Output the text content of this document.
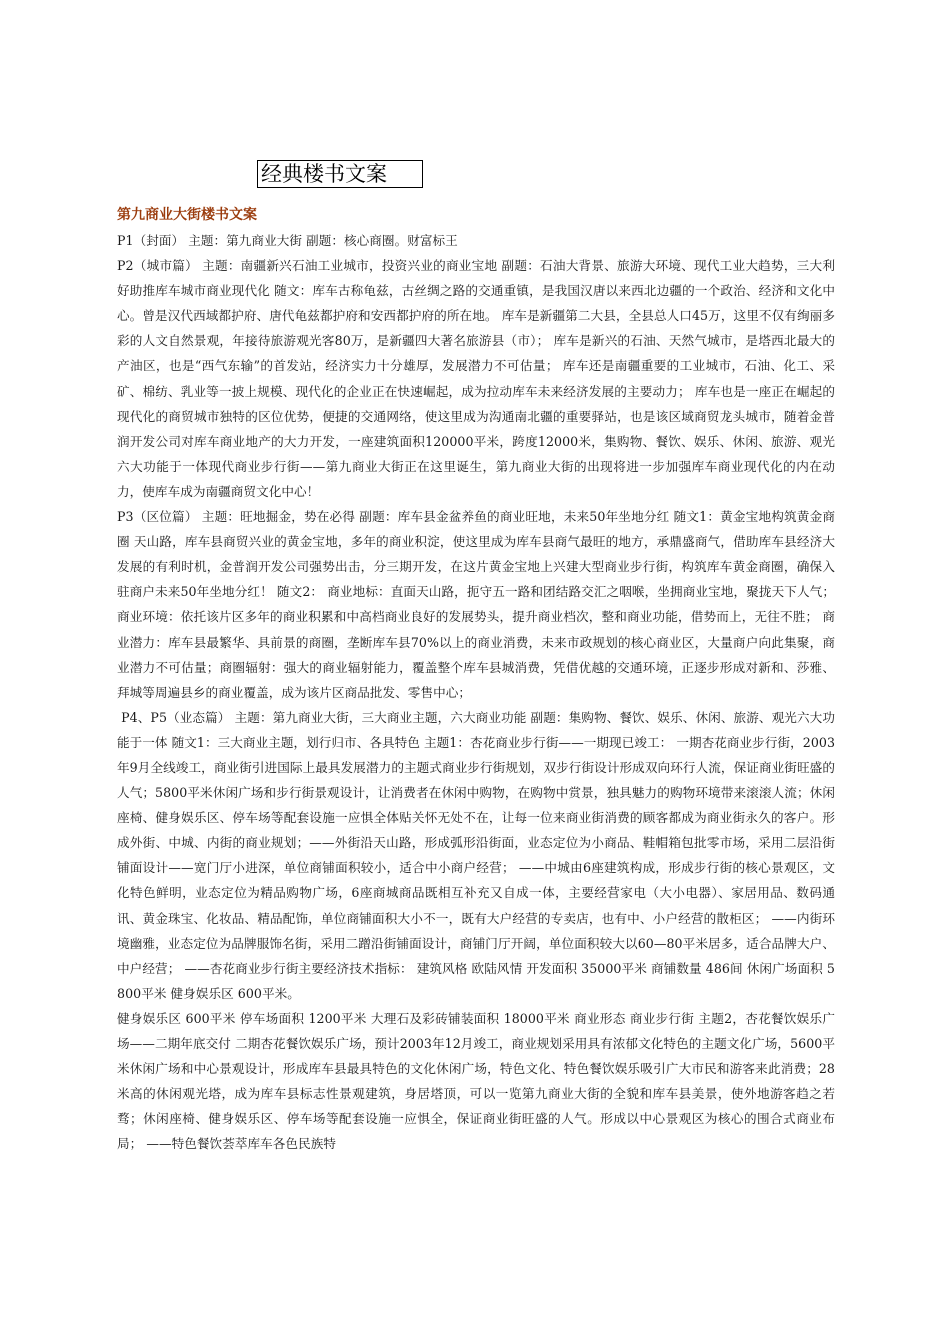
经典楼书文案
第九商业大街楼书文案

P1（封面） 主题：第九商业大街 副题：核心商圈。财富标王

P2（城市篇） 主题：南疆新兴石油工业城市，投资兴业的商业宝地 副题：石油大背景、旅游大环境、现代工业大趋势，三大利好助推库车城市商业现代化 随文：库车古称龟兹，古丝绸之路的交通重镇，是我国汉唐以来西北边疆的一个政治、经济和文化中心。曾是汉代西域都护府、唐代龟兹都护府和安西都护府的所在地。 库车是新疆第二大县，全县总人口45万，这里不仅有绚丽多彩的人文自然景观，年接待旅游观光客80万，是新疆四大著名旅游县（市）； 库车是新兴的石油、天然气城市，是塔西北最大的产油区，也是“西气东输”的首发站，经济实力十分雄厚，发展潜力不可估量； 库车还是南疆重要的工业城市，石油、化工、采矿、棉纺、乳业等一披上规模、现代化的企业正在快速崛起，成为拉动库车未来经济发展的主要动力； 库车也是一座正在崛起的现代化的商贸城市独特的区位优势，便捷的交通网络，使这里成为沟通南北疆的重要驿站，也是该区域商贸龙头城市，随着金普润开发公司对库车商业地产的大力开发，一座建筑面积120000平米，跨度12000米，集购物、餐饮、娱乐、休闲、旅游、观光六大功能于一体现代商业步行街——第九商业大街正在这里诞生，第九商业大街的出现将进一步加强库车商业现代化的内在动力，使库车成为南疆商贸文化中心！

P3（区位篇） 主题：旺地掘金，势在必得 副题：库车县金盆养鱼的商业旺地，未来50年坐地分红 随文1：黄金宝地构筑黄金商圈 天山路，库车县商贸兴业的黄金宝地，多年的商业积淀，使这里成为库车县商气最旺的地方，承鼎盛商气，借助库车县经济大发展的有利时机，金普润开发公司强势出击，分三期开发，在这片黄金宝地上兴建大型商业步行街，构筑库车黄金商圈，确保入驻商户未来50年坐地分红！ 随文2： 商业地标：直面天山路，扼守五一路和团结路交汇之咽喉，坐拥商业宝地，聚拢天下人气； 商业环境：依托该片区多年的商业积累和中高档商业良好的发展势头，提升商业档次，整和商业功能，借势而上，无往不胜； 商业潜力：库车县最繁华、具前景的商圈，垄断库车县70%以上的商业消费，未来市政规划的核心商业区，大量商户向此集聚，商业潜力不可估量；商圈辐射：强大的商业辐射能力，覆盖整个库车县城消费，凭借优越的交通环境，正逐步形成对新和、莎雅、拜城等周遍县乡的商业覆盖，成为该片区商品批发、零售中心；

P4、P5（业态篇） 主题：第九商业大街，三大商业主题，六大商业功能 副题：集购物、餐饮、娱乐、休闲、旅游、观光六大功能于一体 随文1：三大商业主题，划行归市、各具特色 主题1：杏花商业步行街——一期现已竣工： 一期杏花商业步行街，2003年9月全线竣工，商业街引进国际上最具发展潜力的主题式商业步行街规划，双步行街设计形成双向环行人流，保证商业街旺盛的人气；5800平米休闲广场和步行街景观设计，让消费者在休闲中购物，在购物中赏景，独具魅力的购物环境带来滚滚人流；休闲座椅、健身娱乐区、停车场等配套设施一应惧全体贴关怀无处不在，让每一位来商业街消费的顾客都成为商业街永久的客户。形成外街、中城、内街的商业规划；——外街沿天山路，形成弧形沿街面，业态定位为小商品、鞋帽箱包批零市场，采用二层沿街铺面设计——宽门厅小进深，单位商铺面积较小，适合中小商户经营； ——中城由6座建筑构成，形成步行街的核心景观区，文化特色鲜明，业态定位为精品购物广场，6座商城商品既相互补充又自成一体，主要经营家电（大小电器）、家居用品、数码通讯、黄金珠宝、化妆品、精品配饰，单位商铺面积大小不一，既有大户经营的专卖店，也有中、小户经营的散柜区； ——内街环境幽雅，业态定位为品牌服饰名街，采用二蹭沿街铺面设计，商铺门厅开阔，单位面积较大以60—80平米居多，适合品牌大户、中户经营； ——杏花商业步行街主要经济技术指标： 建筑风格 欧陆风情 开发面积 35000平米 商铺数量 486间 休闲广场面积 5800平米 健身娱乐区 600平米。

健身娱乐区 600平米 停车场面积 1200平米 大理石及彩砖铺装面积 18000平米 商业形态 商业步行街 主题2，杏花餐饮娱乐广场——二期年底交付 二期杏花餐饮娱乐广场，预计2003年12月竣工，商业规划采用具有浓郁文化特色的主题文化广场，5600平米休闲广场和中心景观设计，形成库车县最具特色的文化休闲广场，特色文化、特色餐饮娱乐吸引广大市民和游客来此消费；28米高的休闲观光塔，成为库车县标志性景观建筑，身居塔顶，可以一览第九商业大街的全貌和库车县美景，使外地游客趋之若骛；休闲座椅、健身娱乐区、停车场等配套设施一应惧全，保证商业街旺盛的人气。形成以中心景观区为核心的围合式商业布局； ——特色餐饮荟萃库车各色民族特
